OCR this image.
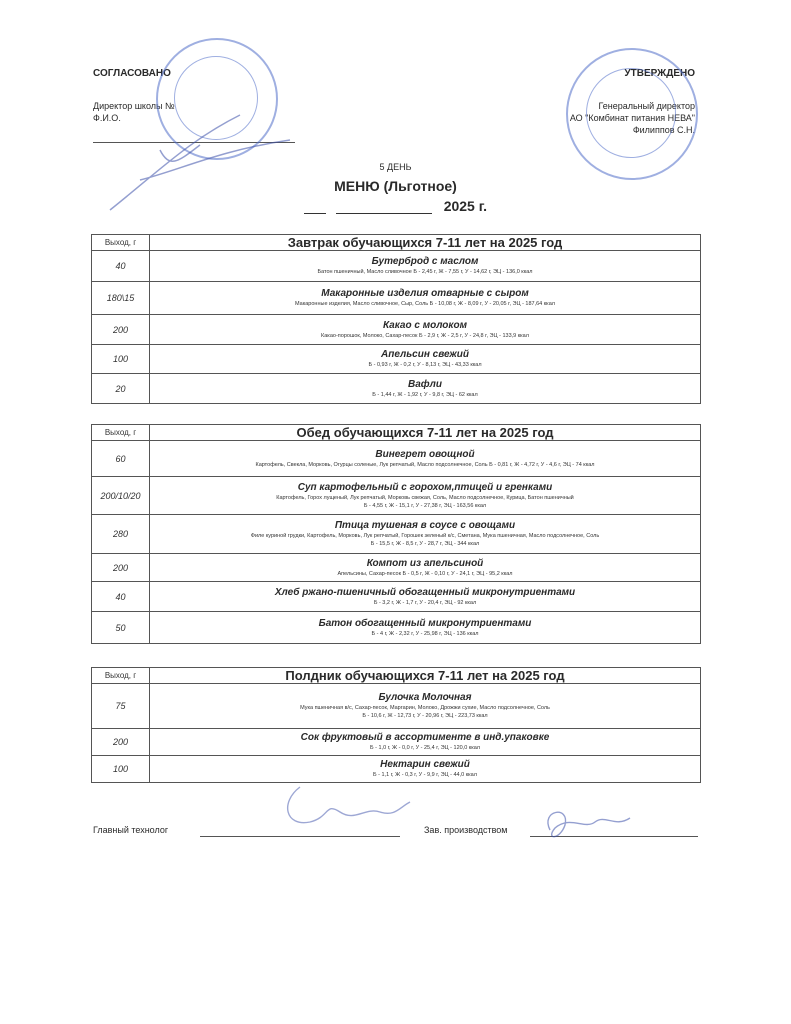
СОГЛАСОВАНО
Директор школы №
Ф.И.О.
УТВЕРЖДЕНО
Генеральный директор
АО "Комбинат питания НЕВА"
Филиппов С.Н.
5 ДЕНЬ
МЕНЮ (Льготное)
2025 г.
Выход, г	Завтрак обучающихся 7-11 лет на 2025 год
40	Бутерброд с маслом
Батон пшеничный, Масло сливочное Б - 2,45 г, Ж - 7,55 г, У - 14,62 г, ЭЦ - 136,0 ккал

180\15	Макаронные изделия отварные с сыром
Макаронные изделия, Масло сливочное, Сыр, Соль Б - 10,08 г, Ж - 8,09 г, У - 20,05 г, ЭЦ - 187,64 ккал

200	Какао с молоком
Какао-порошок, Молоко, Сахар-песок Б - 2,9 г, Ж - 2,5 г, У - 24,8 г, ЭЦ - 133,9 ккал

100	Апельсин свежий
Б - 0,93 г, Ж - 0,2 г, У - 8,13 г, ЭЦ - 43,33 ккал

20	Вафли
Б - 1,44 г, Ж - 1,92 г, У - 9,8 г, ЭЦ - 62 ккал
Выход, г	Обед обучающихся 7-11 лет на 2025 год
60	Винегрет овощной
Картофель, Свекла, Морковь, Огурцы соленые, Лук репчатый, Масло подсолнечное, Соль Б - 0,81 г, Ж - 4,72 г, У - 4,6 г, ЭЦ - 74 ккал

200/10/20	Суп картофельный с горохом,птицей и гренками
Картофель, Горох лущеный, Лук репчатый, Морковь свежая, Соль, Масло подсолнечное, Курица, Батон пшеничный
Б - 4,55 г, Ж - 15,1 г, У - 27,38 г, ЭЦ - 163,56 ккал

280	Птица тушеная в соусе с овощами
Филе куриной грудки, Картофель, Морковь, Лук репчатый, Горошек зеленый к/с, Сметана, Мука пшеничная, Масло подсолнечное, Соль
Б - 15,5 г, Ж - 8,5 г, У - 28,7 г, ЭЦ - 344 ккал

200	Компот из апельсиной
Апельсины, Сахар-песок Б - 0,5 г, Ж - 0,10 г, У - 24,1 г, ЭЦ - 95,2 ккал

40	Хлеб ржано-пшеничный обогащенный микронутриентами
Б - 3,2 г, Ж - 1,7 г, У - 20,4 г, ЭЦ - 92 ккал

50	Батон обогащенный микронутриентами
Б - 4 г, Ж - 2,32 г, У - 25,98 г, ЭЦ - 136 ккал
Выход, г	Полдник обучающихся 7-11 лет на 2025 год
75	Булочка Молочная
Мука пшеничная в/с, Сахар-песок, Маргарин, Молоко, Дрожжи сухие, Масло подсолнечное, Соль
Б - 10,6 г, Ж - 12,73 г, У - 20,96 г, ЭЦ - 223,73 ккал

200	Сок фруктовый в ассортименте в инд.упаковке
Б - 1,0 г, Ж - 0,0 г, У - 25,4 г, ЭЦ - 120,0 ккал

100	Нектарин свежий
Б - 1,1 г, Ж - 0,3 г, У - 9,9 г, ЭЦ - 44,0 ккал
Главный технолог	Зав. производством
